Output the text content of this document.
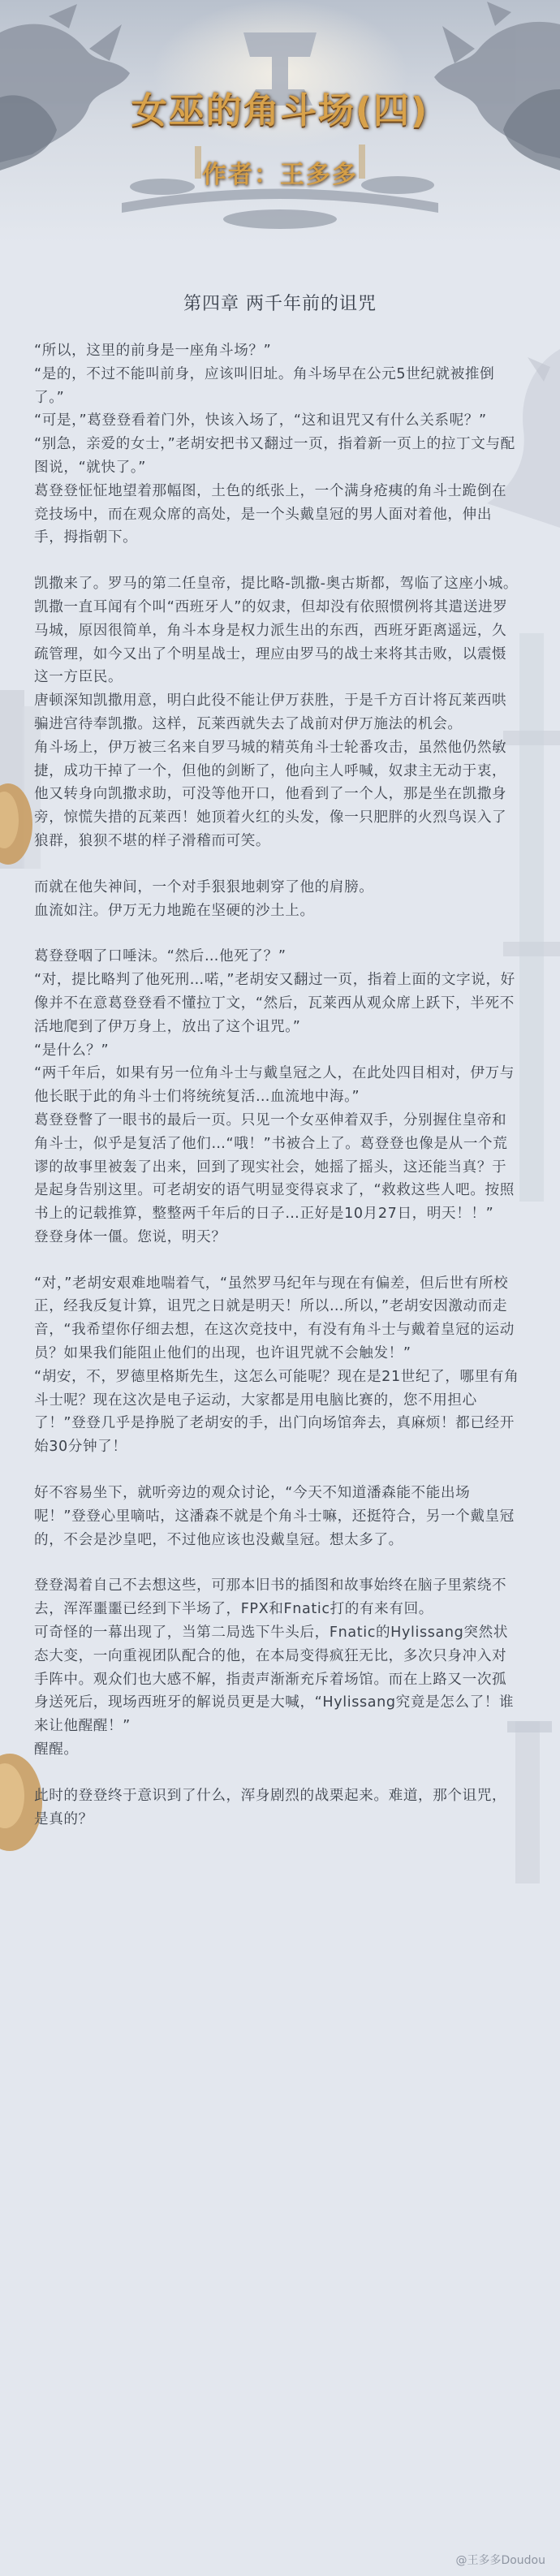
女巫的角斗场(四)
作者：王多多
第四章 两千年前的诅咒

“所以，这里的前身是一座角斗场？”

“是的，不过不能叫前身，应该叫旧址。角斗场早在公元5世纪就被推倒了。”

“可是，”葛登登看着门外，快该入场了，“这和诅咒又有什么关系呢？”

“别急，亲爱的女士，”老胡安把书又翻过一页，指着新一页上的拉丁文与配图说，“就快了。”

葛登登怔怔地望着那幅图，土色的纸张上，一个满身疮痍的角斗士跪倒在竞技场中，而在观众席的高处，是一个头戴皇冠的男人面对着他，伸出手，拇指朝下。

凯撒来了。罗马的第二任皇帝，提比略-凯撒-奥古斯都，驾临了这座小城。凯撒一直耳闻有个叫“西班牙人”的奴隶，但却没有依照惯例将其遣送进罗马城，原因很简单，角斗本身是权力派生出的东西，西班牙距离遥远，久疏管理，如今又出了个明星战士，理应由罗马的战士来将其击败，以震慑这一方臣民。

唐顿深知凯撒用意，明白此役不能让伊万获胜，于是千方百计将瓦莱西哄骗进宫待奉凯撒。这样，瓦莱西就失去了战前对伊万施法的机会。

角斗场上，伊万被三名来自罗马城的精英角斗士轮番攻击，虽然他仍然敏捷，成功干掉了一个，但他的剑断了，他向主人呼喊，奴隶主无动于衷，他又转身向凯撒求助，可没等他开口，他看到了一个人，那是坐在凯撒身旁，惊慌失措的瓦莱西！她顶着火红的头发，像一只肥胖的火烈鸟误入了狼群，狼狈不堪的样子滑稽而可笑。

而就在他失神间，一个对手狠狠地刺穿了他的肩膀。

血流如注。伊万无力地跪在坚硬的沙土上。

葛登登咽了口唾沫。“然后…他死了？”

“对，提比略判了他死刑…喏，”老胡安又翻过一页，指着上面的文字说，好像并不在意葛登登看不懂拉丁文，“然后，瓦莱西从观众席上跃下，半死不活地爬到了伊万身上，放出了这个诅咒。”

“是什么？”

“两千年后，如果有另一位角斗士与戴皇冠之人，在此处四目相对，伊万与他长眠于此的角斗士们将统统复活…血流地中海。”

葛登登瞥了一眼书的最后一页。只见一个女巫伸着双手，分别握住皇帝和角斗士，似乎是复活了他们…“哦！”书被合上了。葛登登也像是从一个荒谬的故事里被轰了出来，回到了现实社会，她摇了摇头，这还能当真？于是起身告别这里。可老胡安的语气明显变得哀求了，“救救这些人吧。按照书上的记载推算，整整两千年后的日子…正好是10月27日，明天！！”

登登身体一僵。您说，明天？

“对，”老胡安艰难地喘着气，“虽然罗马纪年与现在有偏差，但后世有所校正，经我反复计算，诅咒之日就是明天！所以…所以，”老胡安因激动而走音，“我希望你仔细去想，在这次竞技中，有没有角斗士与戴着皇冠的运动员？如果我们能阻止他们的出现，也许诅咒就不会触发！”

“胡安，不，罗德里格斯先生，这怎么可能呢？现在是21世纪了，哪里有角斗士呢？现在这次是电子运动，大家都是用电脑比赛的，您不用担心了！”登登几乎是挣脱了老胡安的手，出门向场馆奔去，真麻烦！都已经开始30分钟了！

好不容易坐下，就听旁边的观众讨论，“今天不知道潘森能不能出场呢！”登登心里嘀咕，这潘森不就是个角斗士嘛，还挺符合，另一个戴皇冠的，不会是沙皇吧，不过他应该也没戴皇冠。想太多了。

登登渴着自己不去想这些，可那本旧书的插图和故事始终在脑子里萦绕不去，浑浑噩噩已经到下半场了，FPX和Fnatic打的有来有回。

可奇怪的一幕出现了，当第二局选下牛头后，Fnatic的Hylissang突然状态大变，一向重视团队配合的他，在本局变得疯狂无比，多次只身冲入对手阵中。观众们也大感不解，指责声渐渐充斥着场馆。而在上路又一次孤身送死后，现场西班牙的解说员更是大喊，“Hylissang究竟是怎么了！谁来让他醒醒！”

醒醒。

此时的登登终于意识到了什么，浑身剧烈的战栗起来。难道，那个诅咒，是真的？

@王多多Doudou
